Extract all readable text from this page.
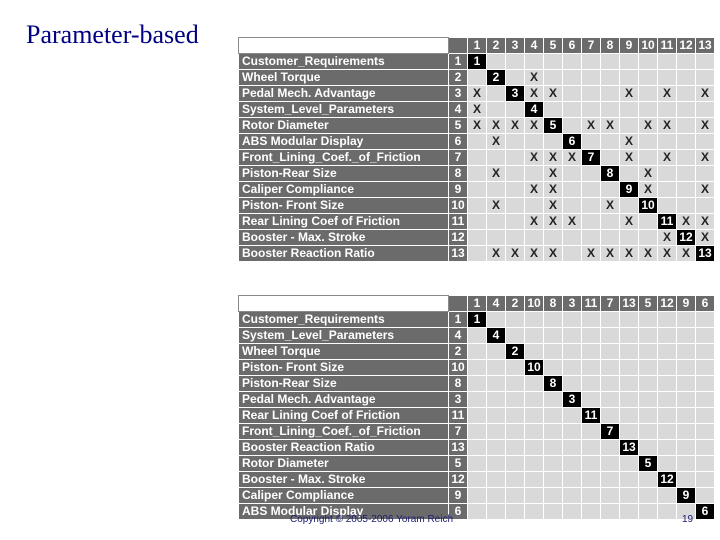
Parameter-based
			1	2	3	4	5	6	7	8	9	10	11	12	13
Customer_Requirements	1	1												
Wheel Torque	2		2		X									
Pedal Mech. Advantage	3	X		3	X	X				X		X		X
System_Level_Parameters	4	X			4									
Rotor Diameter	5	X	X	X	X	5		X	X		X	X		X
ABS Modular Display	6		X				6			X				
Front_Lining_Coef._of_Friction	7				X	X	X	7		X		X		X
Piston-Rear Size	8		X			X			8		X			
Caliper Compliance	9				X	X				9	X			X
Piston- Front Size	10		X			X			X		10			
Rear Lining Coef of Friction	11				X	X	X			X		11	X	X
Booster - Max. Stroke	12											X	12	X
Booster Reaction Ratio	13		X	X	X	X		X	X	X	X	X	X	13
		1	4	2	10	8	3	11	7	13	5	12	9	6
Customer_Requirements	1	1												
System_Level_Parameters	4		4											
Wheel Torque	2			2										
Piston- Front Size	10				10									
Piston-Rear Size	8					8								
Pedal Mech. Advantage	3						3							
Rear Lining Coef of Friction	11							11						
Front_Lining_Coef._of_Friction	7								7					
Booster Reaction Ratio	13									13				
Rotor Diameter	5										5			
Booster - Max. Stroke	12											12		
Caliper Compliance	9												9	
ABS Modular Display	6													6
Copyright © 2005-2006 Yoram Reich	19
